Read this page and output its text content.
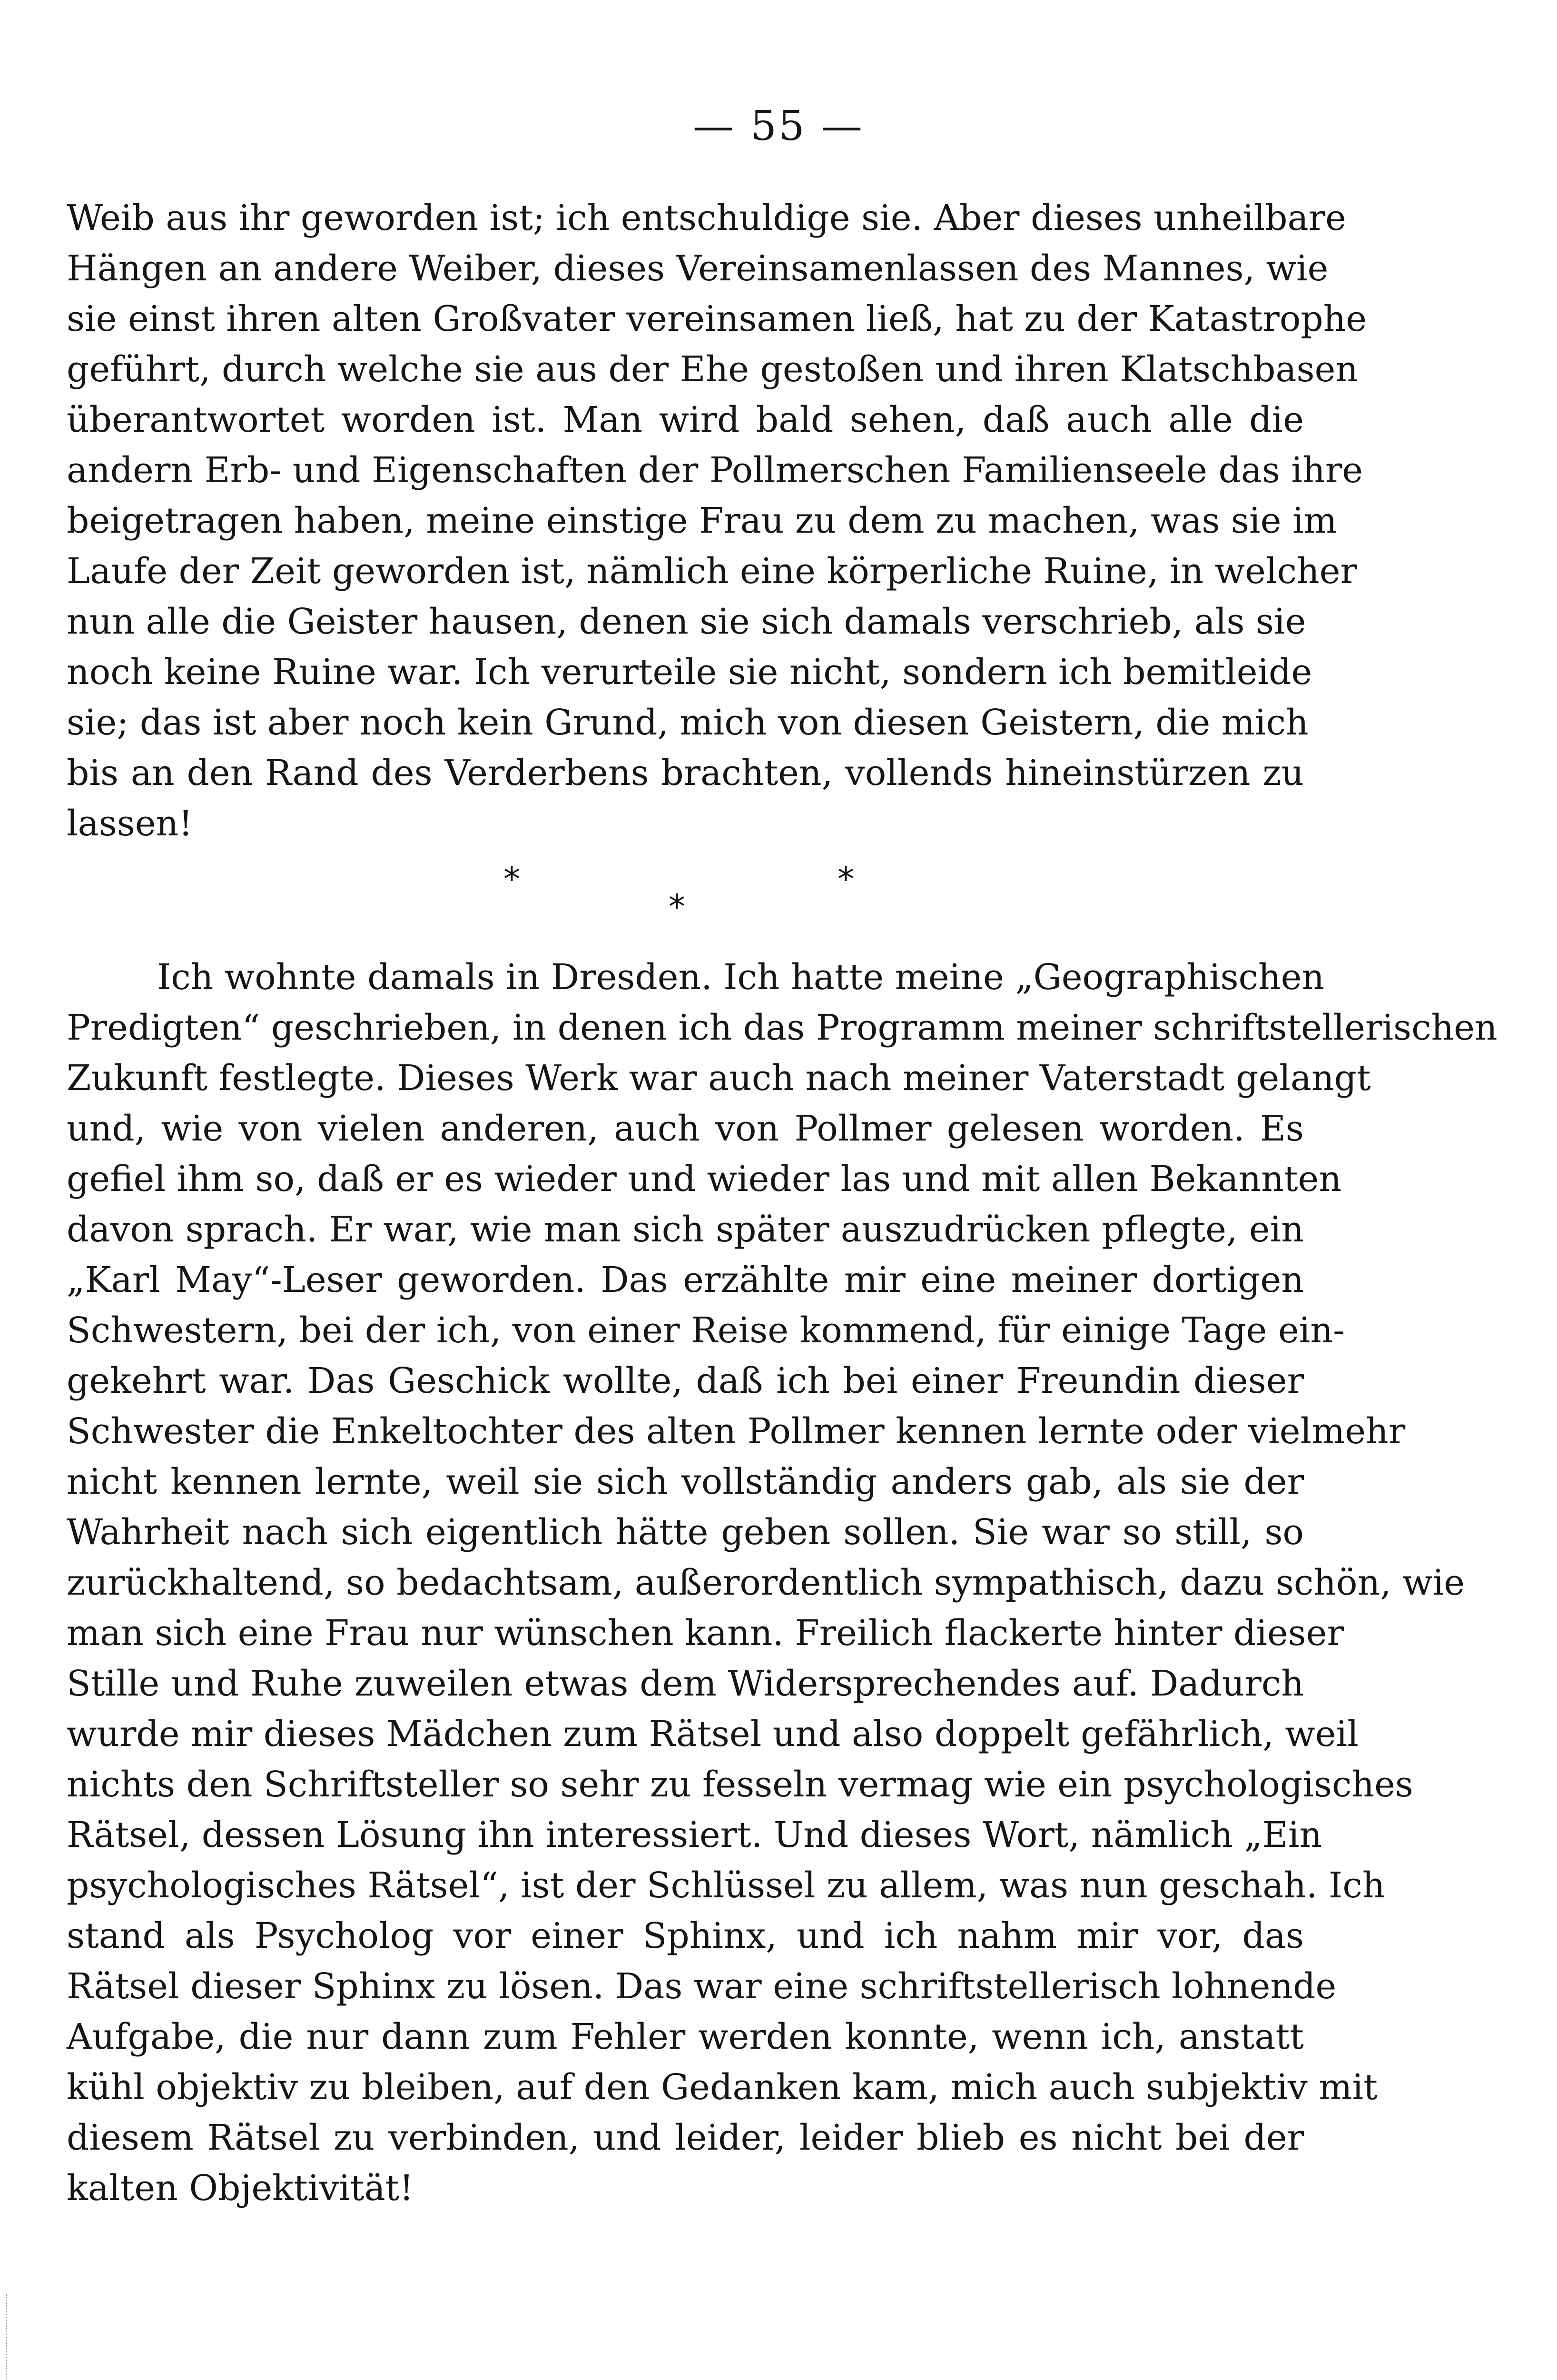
— 55 —
Weib aus ihr geworden ist; ich entschuldige sie. Aber dieses unheilbare
Hängen an andere Weiber, dieses Vereinsamenlassen des Mannes, wie
sie einst ihren alten Großvater vereinsamen ließ, hat zu der Katastrophe
geführt, durch welche sie aus der Ehe gestoßen und ihren Klatschbasen
überantwortet worden ist. Man wird bald sehen, daß auch alle die
andern Erb- und Eigenschaften der Pollmerschen Familienseele das ihre
beigetragen haben, meine einstige Frau zu dem zu machen, was sie im
Laufe der Zeit geworden ist, nämlich eine körperliche Ruine, in welcher
nun alle die Geister hausen, denen sie sich damals verschrieb, als sie
noch keine Ruine war. Ich verurteile sie nicht, sondern ich bemitleide
sie; das ist aber noch kein Grund, mich von diesen Geistern, die mich
bis an den Rand des Verderbens brachten, vollends hineinstürzen zu
lassen!
*	*
*
Ich wohnte damals in Dresden. Ich hatte meine „Geographischen
Predigten“ geschrieben, in denen ich das Programm meiner schriftstellerischen
Zukunft festlegte. Dieses Werk war auch nach meiner Vaterstadt gelangt
und, wie von vielen anderen, auch von Pollmer gelesen worden. Es
gefiel ihm so, daß er es wieder und wieder las und mit allen Bekannten
davon sprach. Er war, wie man sich später auszudrücken pflegte, ein
„Karl May“-Leser geworden. Das erzählte mir eine meiner dortigen
Schwestern, bei der ich, von einer Reise kommend, für einige Tage ein-
gekehrt war. Das Geschick wollte, daß ich bei einer Freundin dieser
Schwester die Enkeltochter des alten Pollmer kennen lernte oder vielmehr
nicht kennen lernte, weil sie sich vollständig anders gab, als sie der
Wahrheit nach sich eigentlich hätte geben sollen. Sie war so still, so
zurückhaltend, so bedachtsam, außerordentlich sympathisch, dazu schön, wie
man sich eine Frau nur wünschen kann. Freilich flackerte hinter dieser
Stille und Ruhe zuweilen etwas dem Widersprechendes auf. Dadurch
wurde mir dieses Mädchen zum Rätsel und also doppelt gefährlich, weil
nichts den Schriftsteller so sehr zu fesseln vermag wie ein psychologisches
Rätsel, dessen Lösung ihn interessiert. Und dieses Wort, nämlich „Ein
psychologisches Rätsel“, ist der Schlüssel zu allem, was nun geschah. Ich
stand als Psycholog vor einer Sphinx, und ich nahm mir vor, das
Rätsel dieser Sphinx zu lösen. Das war eine schriftstellerisch lohnende
Aufgabe, die nur dann zum Fehler werden konnte, wenn ich, anstatt
kühl objektiv zu bleiben, auf den Gedanken kam, mich auch subjektiv mit
diesem Rätsel zu verbinden, und leider, leider blieb es nicht bei der
kalten Objektivität!
